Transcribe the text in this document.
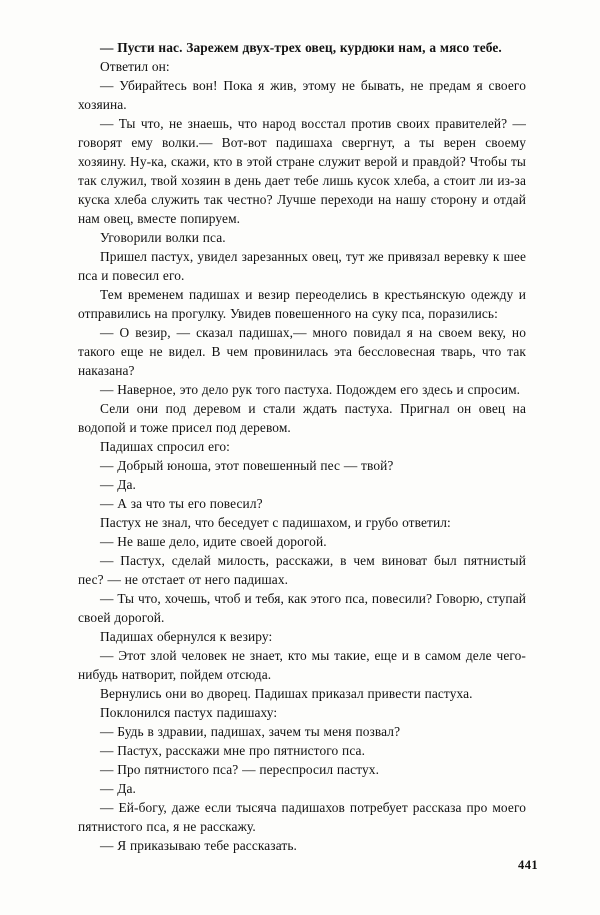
— Пусти нас. Зарежем двух-трех овец, курдюки нам, а мясо тебе.

Ответил он:

— Убирайтесь вон! Пока я жив, этому не бывать, не предам я своего хозяина.

— Ты что, не знаешь, что народ восстал против своих правителей? — говорят ему волки.— Вот-вот падишаха свергнут, а ты верен своему хозяину. Ну-ка, скажи, кто в этой стране служит верой и правдой? Чтобы ты так служил, твой хозяин в день дает тебе лишь кусок хлеба, а стоит ли из-за куска хлеба служить так честно? Лучше переходи на нашу сторону и отдай нам овец, вместе попируем.

Уговорили волки пса.

Пришел пастух, увидел зарезанных овец, тут же привязал веревку к шее пса и повесил его.

Тем временем падишах и везир переоделись в крестьянскую одежду и отправились на прогулку. Увидев повешенного на суку пса, поразились:

— О везир, — сказал падишах,— много повидал я на своем веку, но такого еще не видел. В чем провинилась эта бессловесная тварь, что так наказана?

— Наверное, это дело рук того пастуха. Подождем его здесь и спросим.

Сели они под деревом и стали ждать пастуха. Пригнал он овец на водопой и тоже присел под деревом.

Падишах спросил его:

— Добрый юноша, этот повешенный пес — твой?

— Да.

— А за что ты его повесил?

Пастух не знал, что беседует с падишахом, и грубо ответил:

— Не ваше дело, идите своей дорогой.

— Пастух, сделай милость, расскажи, в чем виноват был пятнистый пес? — не отстает от него падишах.

— Ты что, хочешь, чтоб и тебя, как этого пса, повесили? Говорю, ступай своей дорогой.

Падишах обернулся к везиру:

— Этот злой человек не знает, кто мы такие, еще и в самом деле чего-нибудь натворит, пойдем отсюда.

Вернулись они во дворец. Падишах приказал привести пастуха.

Поклонился пастух падишаху:

— Будь в здравии, падишах, зачем ты меня позвал?

— Пастух, расскажи мне про пятнистого пса.

— Про пятнистого пса? — переспросил пастух.

— Да.

— Ей-богу, даже если тысяча падишахов потребует рассказа про моего пятнистого пса, я не расскажу.

— Я приказываю тебе рассказать.

441
